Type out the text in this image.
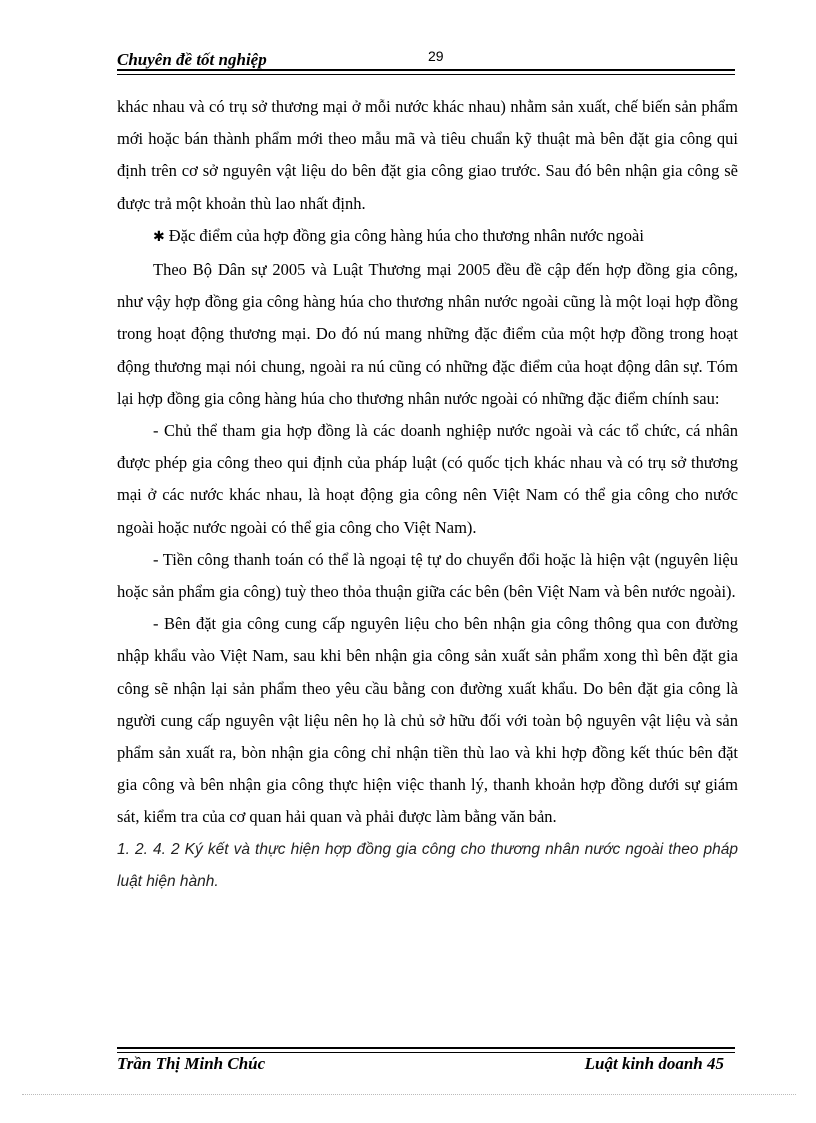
Chuyên đề tốt nghiệp	29

khác nhau và có trụ sở thương mại ở mỗi nước khác nhau) nhằm sản xuất, chế biến sản phẩm mới hoặc bán thành phẩm mới theo mẫu mã và tiêu chuẩn kỹ thuật mà bên đặt gia công qui định trên cơ sở nguyên vật liệu do bên đặt gia công giao trước. Sau đó bên nhận gia công sẽ được trả một khoản thù lao nhất định.

✱ Đặc điểm của hợp đồng gia công hàng húa cho thương nhân nước ngoài

Theo Bộ Dân sự 2005 và Luật Thương mại 2005 đều đề cập đến hợp đồng gia công, như vậy hợp đồng gia công hàng húa cho thương nhân nước ngoài cũng là một loại hợp đồng trong hoạt động thương mại. Do đó nú mang những đặc điểm của một hợp đồng trong hoạt động thương mại nói chung, ngoài ra nú cũng có những đặc điểm của hoạt động dân sự. Tóm lại hợp đồng gia công hàng húa cho thương nhân nước ngoài có những đặc điểm chính sau:

- Chủ thể tham gia hợp đồng là các doanh nghiệp nước ngoài và các tổ chức, cá nhân được phép gia công theo qui định của pháp luật (có quốc tịch khác nhau và có trụ sở thương mại ở các nước khác nhau, là hoạt động gia công nên Việt Nam có thể gia công cho nước ngoài hoặc nước ngoài có thể gia công cho Việt Nam).

- Tiền công thanh toán có thể là ngoại tệ tự do chuyển đổi hoặc là hiện vật (nguyên liệu hoặc sản phẩm gia công) tuỳ theo thỏa thuận giữa các bên (bên Việt Nam và bên nước ngoài).

- Bên đặt gia công cung cấp nguyên liệu cho bên nhận gia công thông qua con đường nhập khẩu vào Việt Nam, sau khi bên nhận gia công sản xuất sản phẩm xong thì bên đặt gia công sẽ nhận lại sản phẩm theo yêu cầu bằng con đường xuất khẩu. Do bên đặt gia công là người cung cấp nguyên vật liệu nên họ là chủ sở hữu đối với toàn bộ nguyên vật liệu và sản phẩm sản xuất ra, bòn nhận gia công chỉ nhận tiền thù lao và khi hợp đồng kết thúc bên đặt gia công và bên nhận gia công thực hiện việc thanh lý, thanh khoản hợp đồng dưới sự giám sát, kiểm tra của cơ quan hải quan và phải được làm bằng văn bản.

1. 2. 4. 2 Ký kết và thực hiện hợp đồng gia công cho thương nhân nước ngoài theo pháp luật hiện hành.

Trần Thị Minh Chúc	Luật kinh doanh 45
